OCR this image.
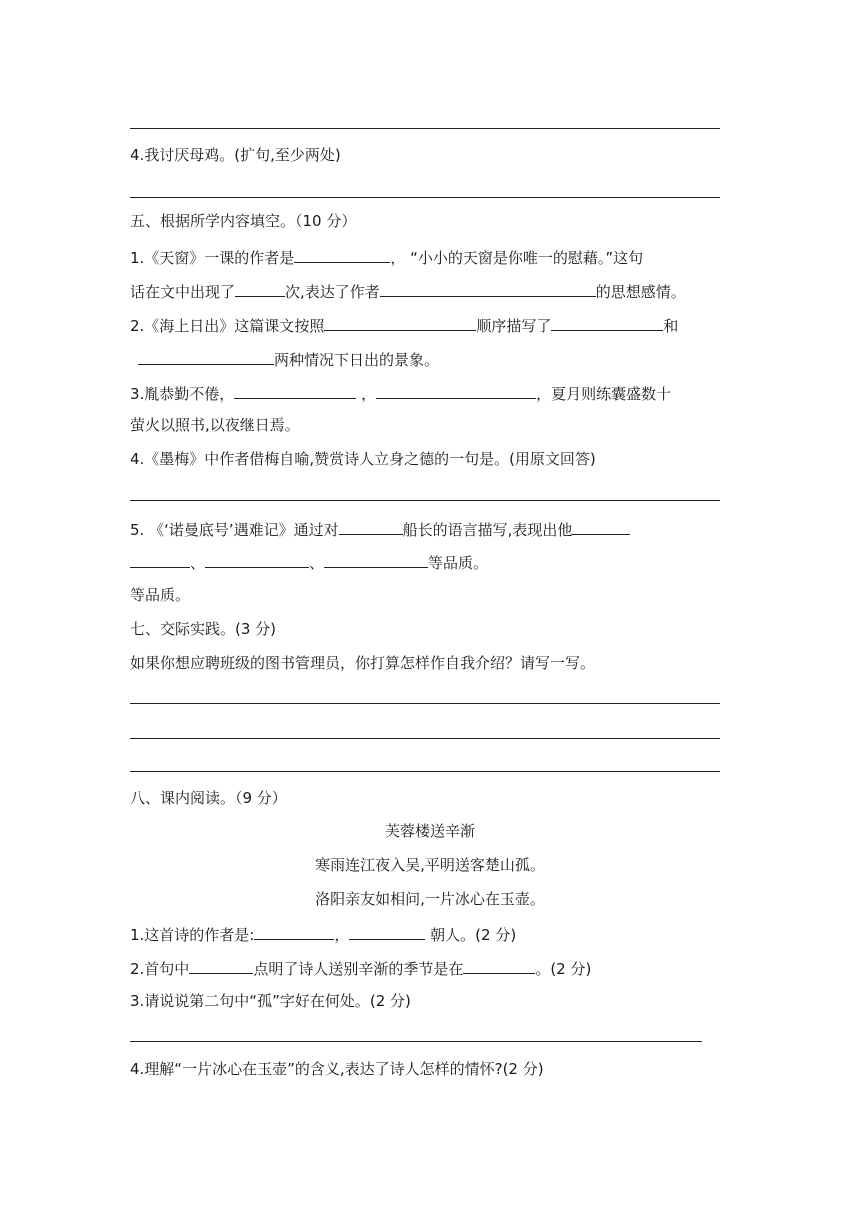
4.我讨厌母鸡。(扩句,至少两处)
五、根据所学内容填空。（10 分）
1.《天窗》一课的作者是	， “小小的天窗是你唯一的慰藉。”这句
话在文中出现了	次,表达了作者	的思想感情。
2.《海上日出》这篇课文按照	顺序描写了	和
两种情况下日出的景象。
3.胤恭勤不倦，	，	，夏月则练囊盛数十
萤火以照书,以夜继日焉。
4.《墨梅》中作者借梅自喻,赞赏诗人立身之德的一句是。(用原文回答)
5. 《‘诺曼底号’遇难记》通过对	船长的语言描写,表现出他
、	、	等品质。
等品质。
七、交际实践。(3 分)
如果你想应聘班级的图书管理员，你打算怎样作自我介绍？请写一写。
八、课内阅读。（9 分）
芙蓉楼送辛渐
寒雨连江夜入吴,平明送客楚山孤。
洛阳亲友如相问,一片冰心在玉壶。
1.这首诗的作者是:	，	朝人。(2 分)
2.首句中	点明了诗人送别辛渐的季节是在	。(2 分)
3.请说说第二句中“孤”字好在何处。(2 分)
4.理解“一片冰心在玉壶”的含义,表达了诗人怎样的情怀?(2 分)
